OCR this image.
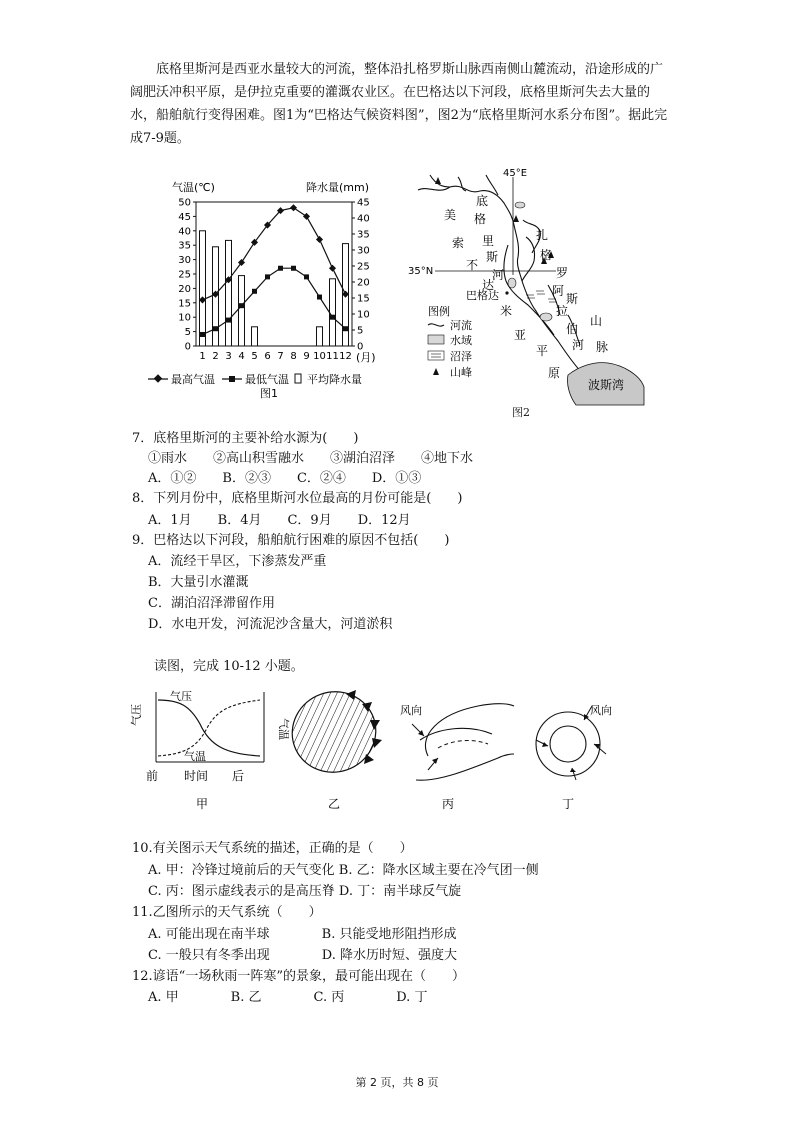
底格里斯河是西亚水量较大的河流，整体沿扎格罗斯山脉西南侧山麓流动，沿途形成的广阔肥沃冲积平原，是伊拉克重要的灌溉农业区。在巴格达以下河段，底格里斯河失去大量的水，船舶航行变得困难。图1为“巴格达气候资料图”，图2为“底格里斯河水系分布图”。据此完成7-9题。
气温(℃)	降水量(mm)
0
5
10
15
20
25
30
35
40
45
50
0
5
10
15
20
25
30
35
40
45
1 2 3 4 5 6 7 8 9 10 11 12 (月)
最高气温	最低气温 平均降水量
图1
45°E
35°N
波斯湾
美
索
不
达
米
亚
底
格
里
斯
河
扎
格
罗
斯
山
脉
阿
拉
伯
河
平
原
巴格达
图例
河流
水域
沼泽
山峰
图2
7．底格里斯河的主要补给水源为(　　)
①雨水　　②高山积雪融水　　③湖泊沼泽　　④地下水
A．①②　　B．②③　　C．②④　　D．①③
8．下列月份中，底格里斯河水位最高的月份可能是(　　)
A．1月　　B．4月　　C．9月　　D．12月
9．巴格达以下河段，船舶航行困难的原因不包括(　　)
A．流经干旱区，下渗蒸发严重
B．大量引水灌溉
C．湖泊沼泽滞留作用
D．水电开发，河流泥沙含量大，河道淤积
读图，完成 10-12 小题。
气压
气温
气压
气温
前 时间 后
甲	乙
风向
丙
风向
丁
10.有关图示天气系统的描述，正确的是（　　）
A. 甲：冷锋过境前后的天气变化 B. 乙：降水区域主要在冷气团一侧
C. 丙：图示虚线表示的是高压脊 D. 丁：南半球反气旋
11.乙图所示的天气系统（　　）
A. 可能出现在南半球　　　　B. 只能受地形阻挡形成
C. 一般只有冬季出现　　　　D. 降水历时短、强度大
12.谚语“一场秋雨一阵寒”的景象，最可能出现在（　　）
A. 甲　　　　B. 乙　　　　C. 丙　　　　D. 丁
第 2 页，共 8 页
